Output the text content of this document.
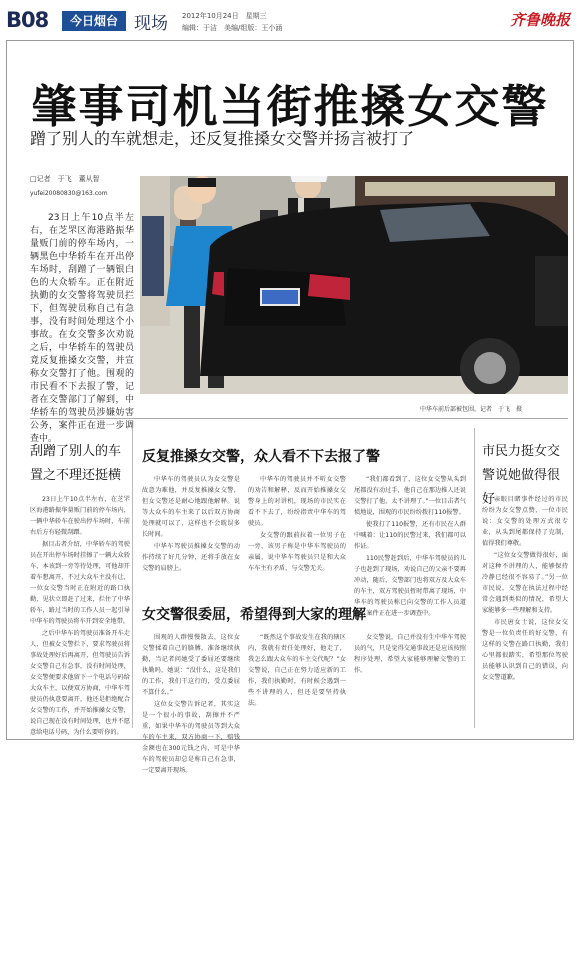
B08	今日烟台 现场 2012年10月24日　星期三
编辑：于洁　美编/组版：王小涵	齐鲁晚报
肇事司机当街推搡女交警
蹭了别人的车就想走，还反复推搡女交警并扬言被打了
□记者　于飞　董从智
yufei20080830@163.com
23日上午10点半左右，在芝罘区海港路振华量贩门前的停车场内，一辆黑色中华轿车在开出停车场时，刮蹭了一辆银白色的大众轿车。正在附近执勤的女交警将驾驶员拦下，但驾驶员称自己有急事，没有时间处理这个小事故。在女交警多次劝说之后，中华轿车的驾驶员竟反复推搡女交警，并宣称女交警打了他。围观的市民看不下去报了警，记者在交警部门了解到，中华轿车的驾驶员涉嫌妨害公务，案件正在进一步调查中。
中华车前后部被包围。记者　于飞　摄
刮蹭了别人的车置之不理还挺横

23日上午10点半左右，在芝罘区海港路振华量贩门前的停车场内，一辆中华轿车在驶出停车场时，车前右后方有轻微刮蹭。

据目击者介绍，中华轿车的驾驶员在开出停车场时挂擦了一辆大众轿车，本该到一旁等待处理，可他却开着车想离开，不过大众车主没有让，一位女交警当时正在附近的路口执勤，见状立即赶了过来，拦住了中华轿车，路过当时的工作人员一起引导中华车的驾驶员将车开到安全地带。

之后中华车的驾驶员准备开车走人，但被女交警拦下，要求驾驶员将事故处理好后再离开，但驾驶员告诉女交警自己有急事，没有时间处理，女交警便要求他留下一个电话号码给大众车主，以便双方协商，中华车驾驶员仍执意要离开，他还是拒绝配合女交警的工作，并开始推搡女交警，说自己现在没有时间处理，也并不愿意给电话号码，为什么要听你的。

反复推搡女交警，众人看不下去报了警

中华车的驾驶员认为女交警是故意为难他，并反复推搡女交警，但女交警还是耐心地跟他解释。说等大众车的车主来了以后双方协商处理就可以了，这样也不会耽误多长时间。

中华车驾驶员推搡女交警的动作持续了好几分钟，还将手放在女交警的肩膀上。

中华车的驾驶员并不听女交警的劝告和解释，反而开始推搡女交警身上的对讲机，现场的市民实在看不下去了，纷纷指责中华车的驾驶员。

女交警的跟前拉着一位男子在一旁，该男子称是中华车驾驶员的亲属，说中华车驾驶员只是和大众车车主有矛盾，与交警无关。

“我们都看到了，这位女交警从头到尾都没有动过手，他自己在那边推人还说交警打了他，太不讲理了。”一位目击者气愤地说，围观的市民纷纷拨打110报警。

使我打了110报警，还有市民在人群中喊着：让110的民警过来，我们都可以作证。

110民警赶到后，中华车驾驶员的儿子也赶到了现场，劝说自己的父亲不要再冲动，随后，交警部门也将双方及大众车的车主，双方驾驶员暂时带离了现场，中华车的驾驶员称已向交警的工作人员道歉，案件正在进一步调查中。

女交警很委屈，希望得到大家的理解

围观的人群慢慢散去，这位女交警揉着自己的胳膊，准备继续执勤，当记者问她受了委屈还要继续执勤吗，她说：“没什么，这是我们的工作，我们干这行的，受点委屈不算什么。”

这位女交警告诉记者，其实这是一个很小的事故，刮擦并不严重，如果中华车的驾驶员等到大众车的车主来，双方协商一下，赔钱金额也在300元钱之内，可是中华车的驾驶员却总是称自己有急事，一定要离开现场。

“既然这个事故发生在我的辖区内，我就有责任处理好，他走了，我怎么跟大众车的车主交代呢？”女交警说，自己正在努力适应新的工作，我们执勤时，有时候会遇到一些不讲理的人，但还是要坚持执法。

女交警说，自己并没有生中华车驾驶员的气，只是觉得交通事故还是应该按照程序处理，希望大家能够理解交警的工作。

市民力挺女交警说她做得很好

亲眼目睹事件经过的市民纷纷为女交警点赞，一位市民说：女交警的处理方式很专业，从头到尾都保持了克制，值得我们尊敬。

“这位女交警做得很好，面对这种不讲理的人，能够保持冷静已经很不容易了。”另一位市民说，交警在执法过程中经常会遇到类似的情况，希望大家能够多一些理解和支持。

市民唐女士说，这位女交警是一位负责任的好交警，有这样的交警在路口执勤，我们心里都很踏实，希望那位驾驶员能够认识到自己的错误，向女交警道歉。
